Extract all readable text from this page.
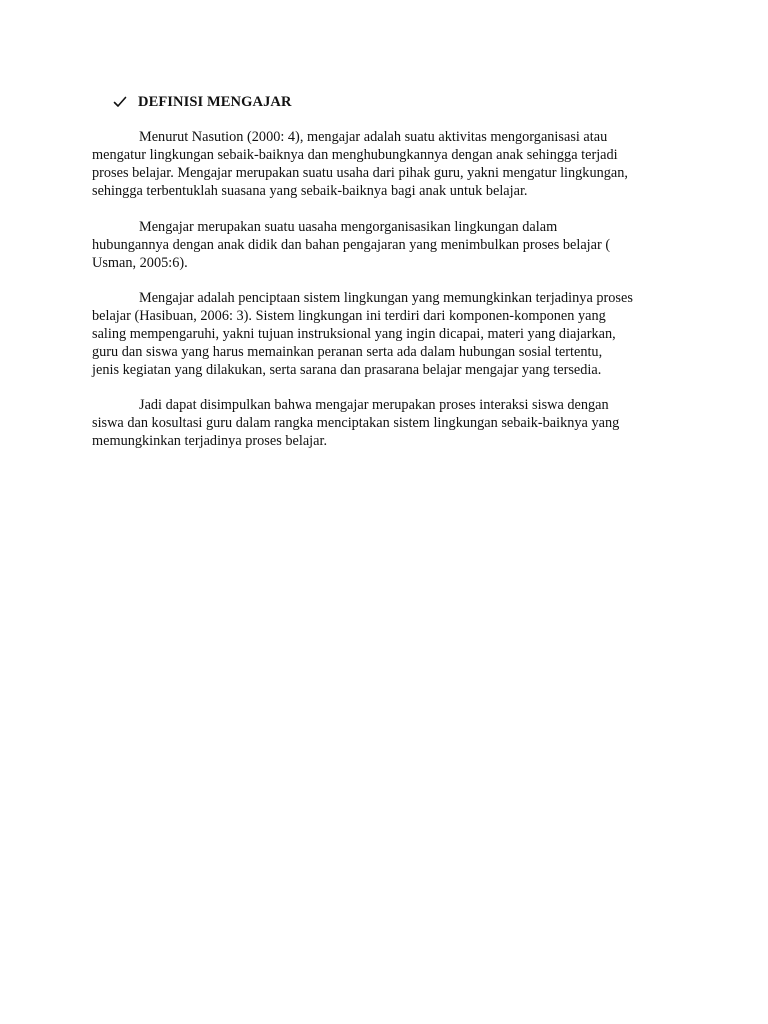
DEFINISI MENGAJAR

Menurut Nasution (2000: 4), mengajar adalah suatu aktivitas mengorganisasi atau
mengatur lingkungan sebaik-baiknya dan menghubungkannya dengan anak sehingga terjadi
proses belajar. Mengajar merupakan suatu usaha dari pihak guru, yakni mengatur lingkungan,
sehingga terbentuklah suasana yang sebaik-baiknya bagi anak untuk belajar.

Mengajar merupakan suatu uasaha mengorganisasikan lingkungan dalam
hubungannya dengan anak didik dan bahan pengajaran yang menimbulkan proses belajar (
Usman, 2005:6).

Mengajar adalah penciptaan sistem lingkungan yang memungkinkan terjadinya proses
belajar (Hasibuan, 2006: 3). Sistem lingkungan ini terdiri dari komponen-komponen yang
saling mempengaruhi, yakni tujuan instruksional yang ingin dicapai, materi yang diajarkan,
guru dan siswa yang harus memainkan peranan serta ada dalam hubungan sosial tertentu,
jenis kegiatan yang dilakukan, serta sarana dan prasarana belajar mengajar yang tersedia.

Jadi dapat disimpulkan bahwa mengajar merupakan proses interaksi siswa dengan
siswa dan kosultasi guru dalam rangka menciptakan sistem lingkungan sebaik-baiknya yang
memungkinkan terjadinya proses belajar.
